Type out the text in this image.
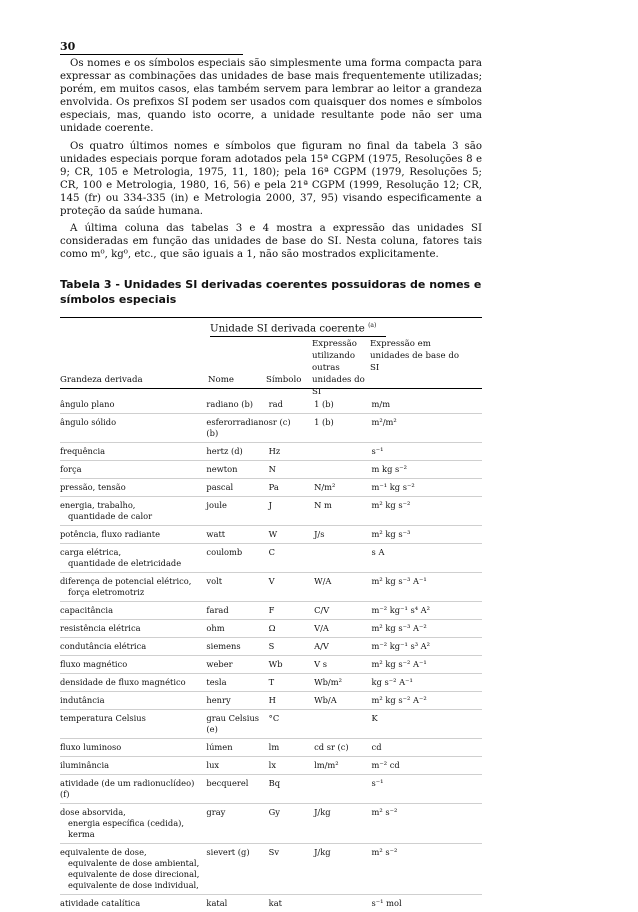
30

Os nomes e os símbolos especiais são simplesmente uma forma compacta para expressar as combinações das unidades de base mais frequentemente utilizadas; porém, em muitos casos, elas também servem para lembrar ao leitor a grandeza envolvida. Os prefixos SI podem ser usados com quaisquer dos nomes e símbolos especiais, mas, quando isto ocorre, a unidade resultante pode não ser uma unidade coerente.

Os quatro últimos nomes e símbolos que figuram no final da tabela 3 são unidades especiais porque foram adotados pela 15ª CGPM (1975, Resoluções 8 e 9; CR, 105 e Metrologia, 1975, 11, 180); pela 16ª CGPM (1979, Resoluções 5; CR, 100 e Metrologia, 1980, 16, 56) e pela 21ª CGPM (1999, Resolução 12; CR, 145 (fr) ou 334-335 (in) e Metrologia 2000, 37, 95) visando especificamente a proteção da saúde humana.

A última coluna das tabelas 3 e 4 mostra a expressão das unidades SI consideradas em função das unidades de base do SI. Nesta coluna, fatores tais como m⁰, kg⁰, etc., que são iguais a 1, não são mostrados explicitamente.

Tabela 3 - Unidades SI derivadas coerentes possuidoras de nomes e símbolos especiais
Unidade SI derivada coerente $^{(a)}$
Grandeza derivada	Nome	Símbolo
Expressão utilizando outras unidades do SI
Expressão em unidades de base do SI
ângulo plano	radiano (b)	rad	1 (b)	m/m
ângulo sólido	esferorradiano (b)	sr (c)	1 (b)	m²/m²
frequência	hertz (d)	Hz		s⁻¹
força	newton	N		m kg s⁻²
pressão, tensão	pascal	Pa	N/m²	m⁻¹ kg s⁻²
energia, trabalho,
quantidade de calor	joule	J	N m	m² kg s⁻²
potência, fluxo radiante	watt	W	J/s	m² kg s⁻³
carga elétrica,
quantidade de eletricidade	coulomb	C		s A
diferença de potencial elétrico,
força eletromotriz	volt	V	W/A	m² kg s⁻³ A⁻¹
capacitância	farad	F	C/V	m⁻² kg⁻¹ s⁴ A²
resistência elétrica	ohm	Ω	V/A	m² kg s⁻³ A⁻²
condutância elétrica	siemens	S	A/V	m⁻² kg⁻¹ s³ A²
fluxo magnético	weber	Wb	V s	m² kg s⁻² A⁻¹
densidade de fluxo magnético	tesla	T	Wb/m²	kg s⁻² A⁻¹
indutância	henry	H	Wb/A	m² kg s⁻² A⁻²
temperatura Celsius	grau Celsius (e)	°C		K
fluxo luminoso	lúmen	lm	cd sr (c)	cd
iluminância	lux	lx	lm/m²	m⁻² cd
atividade (de um radionuclídeo) (f)	becquerel	Bq		s⁻¹
dose absorvida,
energia específica (cedida),
kerma	gray	Gy	J/kg	m² s⁻²
equivalente de dose,
equivalente de dose ambiental,
equivalente de dose direcional,
equivalente de dose individual,	sievert (g)	Sv	J/kg	m² s⁻²
atividade catalítica	katal	kat		s⁻¹ mol
